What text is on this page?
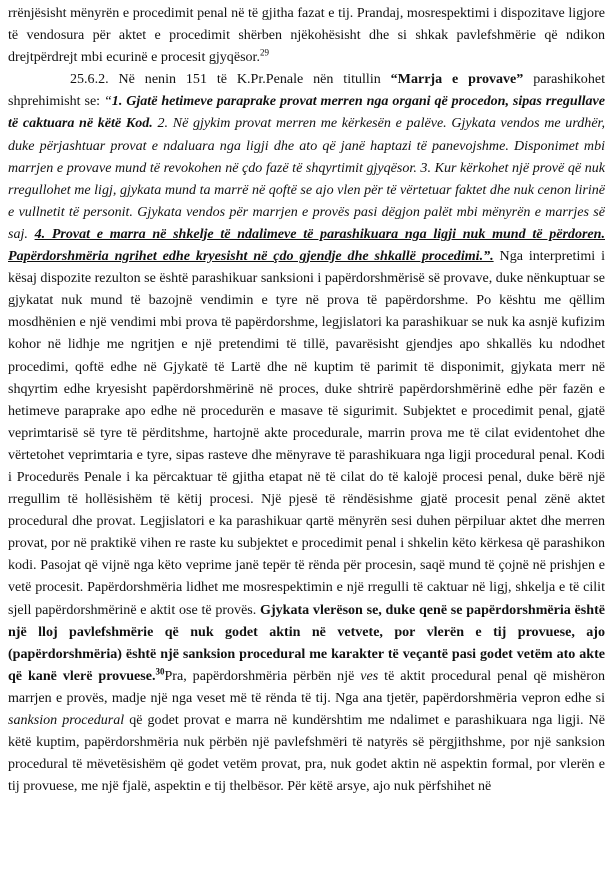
rrënjësisht mënyrën e procedimit penal në të gjitha fazat e tij. Prandaj, mosrespektimi i dispozitave ligjore të vendosura për aktet e procedimit shërben njëkohësisht dhe si shkak pavlefshmërie që ndikon drejtpërdrejt mbi ecurinë e procesit gjyqësor.$^{29}$

25.6.2. Në nenin 151 të K.Pr.Penale nën titullin “Marrja e provave” parashikohet shprehimisht se: “1. Gjatë hetimeve paraprake provat merren nga organi që procedon, sipas rregullave të caktuara në këtë Kod. 2. Në gjykim provat merren me kërkesën e palëve. Gjykata vendos me urdhër, duke përjashtuar provat e ndaluara nga ligji dhe ato që janë haptazi të panevojshme. Disponimet mbi marrjen e provave mund të revokohen në çdo fazë të shqyrtimit gjyqësor. 3. Kur kërkohet një provë që nuk rregullohet me ligj, gjykata mund ta marrë në qoftë se ajo vlen për të vërtetuar faktet dhe nuk cenon lirinë e vullnetit të personit. Gjykata vendos për marrjen e provës pasi dëgjon palët mbi mënyrën e marrjes së saj. 4. Provat e marra në shkelje të ndalimeve të parashikuara nga ligji nuk mund të përdoren. Papërdorshmëria ngrihet edhe kryesisht në çdo gjendje dhe shkallë procedimi.”. Nga interpretimi i kësaj dispozite rezulton se është parashikuar sanksioni i papërdorshmërisë së provave, duke nënkuptuar se gjykatat nuk mund të bazojnë vendimin e tyre në prova të papërdorshme. Po kështu me qëllim mosdhënien e një vendimi mbi prova të papërdorshme, legjislatori ka parashikuar se nuk ka asnjë kufizim kohor në lidhje me ngritjen e një pretendimi të tillë, pavarësisht gjendjes apo shkallës ku ndodhet procedimi, qoftë edhe në Gjykatë të Lartë dhe në kuptim të parimit të disponimit, gjykata merr në shqyrtim edhe kryesisht papërdorshmërinë në proces, duke shtrirë papërdorshmërinë edhe për fazën e hetimeve paraprake apo edhe në procedurën e masave të sigurimit. Subjektet e procedimit penal, gjatë veprimtarisë së tyre të përditshme, hartojnë akte procedurale, marrin prova me të cilat evidentohet dhe vërtetohet veprimtaria e tyre, sipas rasteve dhe mënyrave të parashikuara nga ligji procedural penal. Kodi i Procedurës Penale i ka përcaktuar të gjitha etapat në të cilat do të kalojë procesi penal, duke bërë një rregullim të hollësishëm të këtij procesi. Një pjesë të rëndësishme gjatë procesit penal zënë aktet procedural dhe provat. Legjislatori e ka parashikuar qartë mënyrën sesi duhen përpiluar aktet dhe merren provat, por në praktikë vihen re raste ku subjektet e procedimit penal i shkelin këto kërkesa që parashikon kodi. Pasojat që vijnë nga këto veprime janë tepër të rënda për procesin, saqë mund të çojnë në prishjen e vetë procesit. Papërdorshmëria lidhet me mosrespektimin e një rregulli të caktuar në ligj, shkelja e të cilit sjell papërdorshmërinë e aktit ose të provës. Gjykata vlerëson se, duke qenë se papërdorshmëria është një lloj pavlefshmërie që nuk godet aktin në vetvete, por vlerën e tij provuese, ajo (papërdorshmëria) është një sanksion procedural me karakter të veçantë pasi godet vetëm ato akte që kanë vlerë provuese.$^{30}$Pra, papërdorshmëria përbën një ves të aktit procedural penal që mishëron marrjen e provës, madje një nga veset më të rënda të tij. Nga ana tjetër, papërdorshmëria vepron edhe si sanksion procedural që godet provat e marra në kundërshtim me ndalimet e parashikuara nga ligji. Në këtë kuptim, papërdorshmëria nuk përbën një pavlefshmëri të natyrës së përgjithshme, por një sanksion procedural të mëvetësishëm që godet vetëm provat, pra, nuk godet aktin në aspektin formal, por vlerën e tij provuese, me një fjalë, aspektin e tij thelbësor. Për këtë arsye, ajo nuk përfshihet në
